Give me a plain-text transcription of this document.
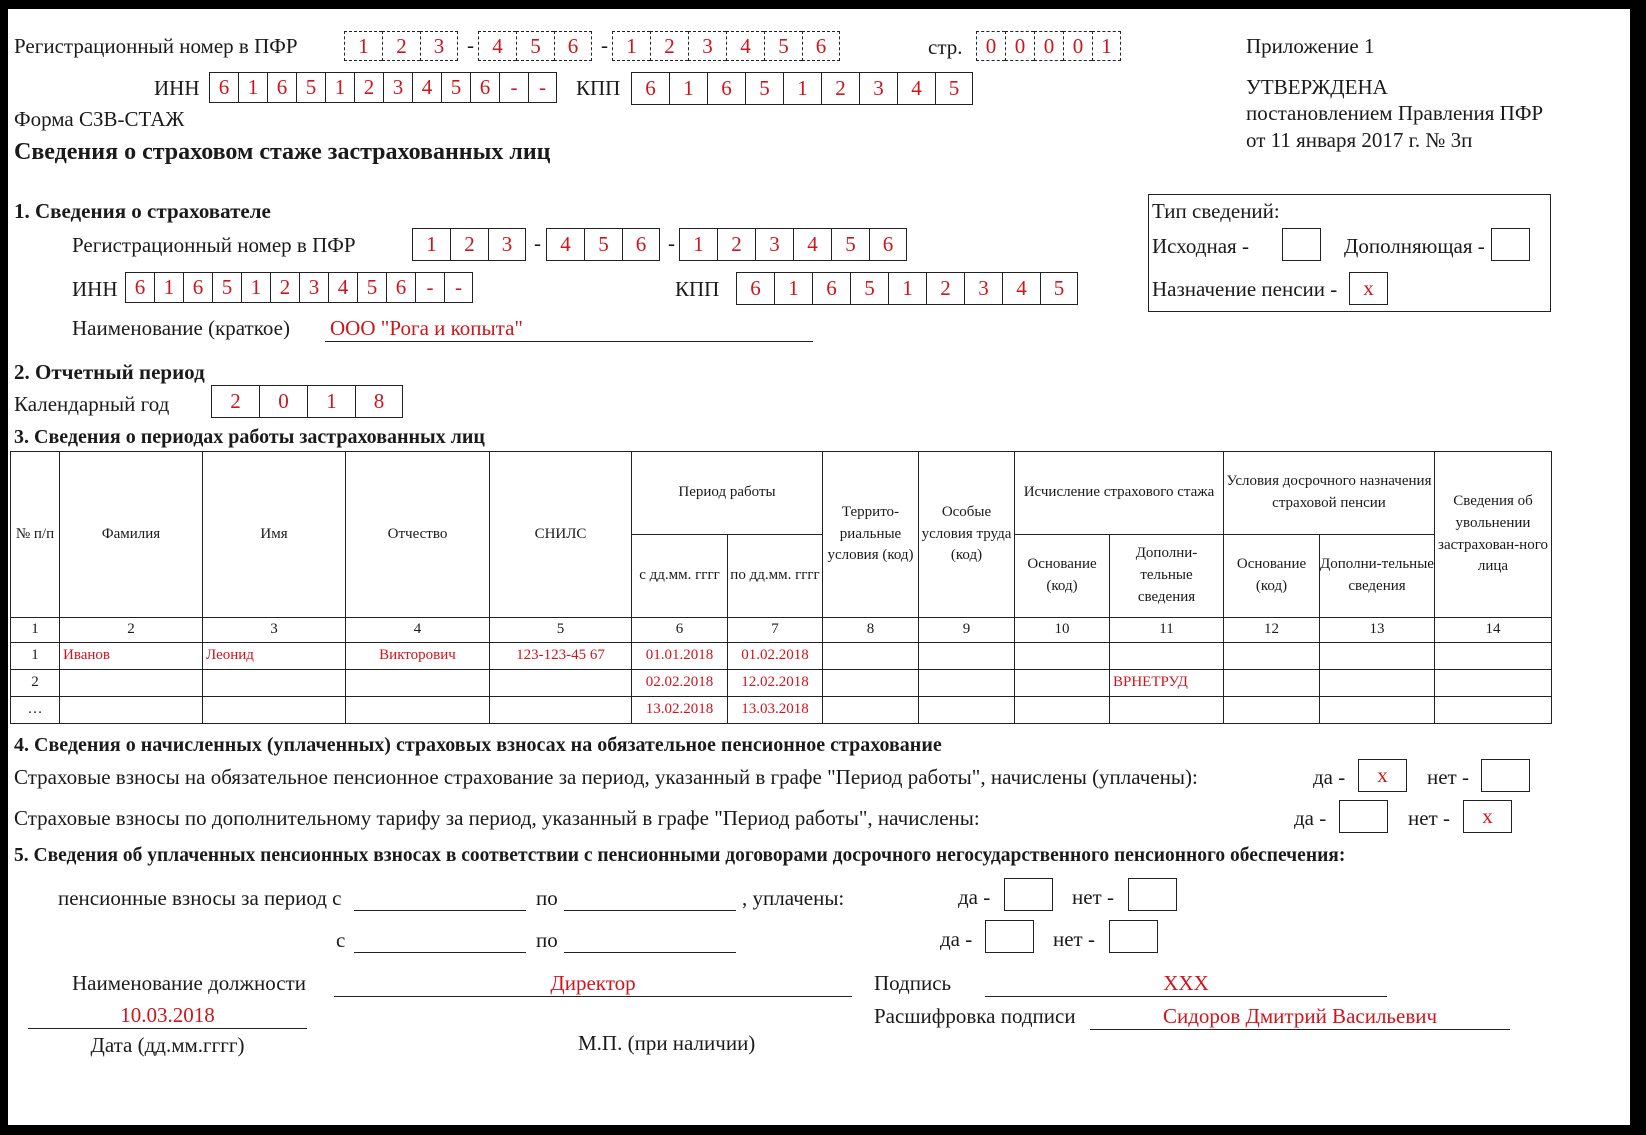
Регистрационный номер в ПФР	1	2	3	- 4	5	6	- 1	2	3	4	5	6	стр.	0 0 0 0 1	Приложение 1
УТВЕРЖДЕНА
постановлением Правления ПФР
от 11 января 2017 г. № 3п
ИНН 6 1 6 5 1 2 3 4 5 6 -	-	КПП	6	1	6	5	1	2	3	4	5
Форма СЗВ-СТАЖ
Сведения о страховом стаже застрахованных лиц
1. Сведения о страхователе
Регистрационный номер в ПФР	1	2	3	- 4	5	6	- 1	2	3	4	5	6
ИНН 6 1 6 5 1 2 3 4 5 6 -	-	КПП	6	1	6	5	1	2	3	4	5
Наименование (краткое) ООО "Рога и копыта"
Тип сведений:
Исходная -	Дополняющая -
Назначение пенсии -	x
2. Отчетный период
Календарный год	2	0	1	8
3. Сведения о периодах работы застрахованных лиц
№ п/п	Фамилия	Имя	Отчество	СНИЛС	Период работы		Террито-риальные условия (код)	Особые условия труда (код)	Исчисление страхового стажа		Условия досрочного назначения страховой пенсии		Сведения об увольнении застрахован-ного лица
					с дд.мм. гггг	по дд.мм. гггг			Основание (код)	Дополни-тельные сведения	Основание (код)	Дополни-тельные сведения	
1	2	3	4	5	6	7	8	9	10	11	12	13	14
1	Иванов	Леонид	Викторович	123-123-45 67	01.01.2018	01.02.2018							
2					02.02.2018	12.02.2018				ВРНЕТРУД			
…					13.02.2018	13.03.2018							
4. Сведения о начисленных (уплаченных) страховых взносах на обязательное пенсионное страхование
Страховые взносы на обязательное пенсионное страхование за период, указанный в графе "Период работы", начислены (уплачены):	да -	x	нет -
Страховые взносы по дополнительному тарифу за период, указанный в графе "Период работы", начислены:	да -	нет -	x
5. Сведения об уплаченных пенсионных взносах в соответствии с пенсионными договорами досрочного негосударственного пенсионного обеспечения:
пенсионные взносы за период с	по	, уплачены:	да -	нет -
с	по	да -	нет -
Наименование должности	Директор	Подпись	ХХХ
10.03.2018
Дата (дд.мм.гггг)
Расшифровка подписи	Сидоров Дмитрий Васильевич
М.П. (при наличии)
